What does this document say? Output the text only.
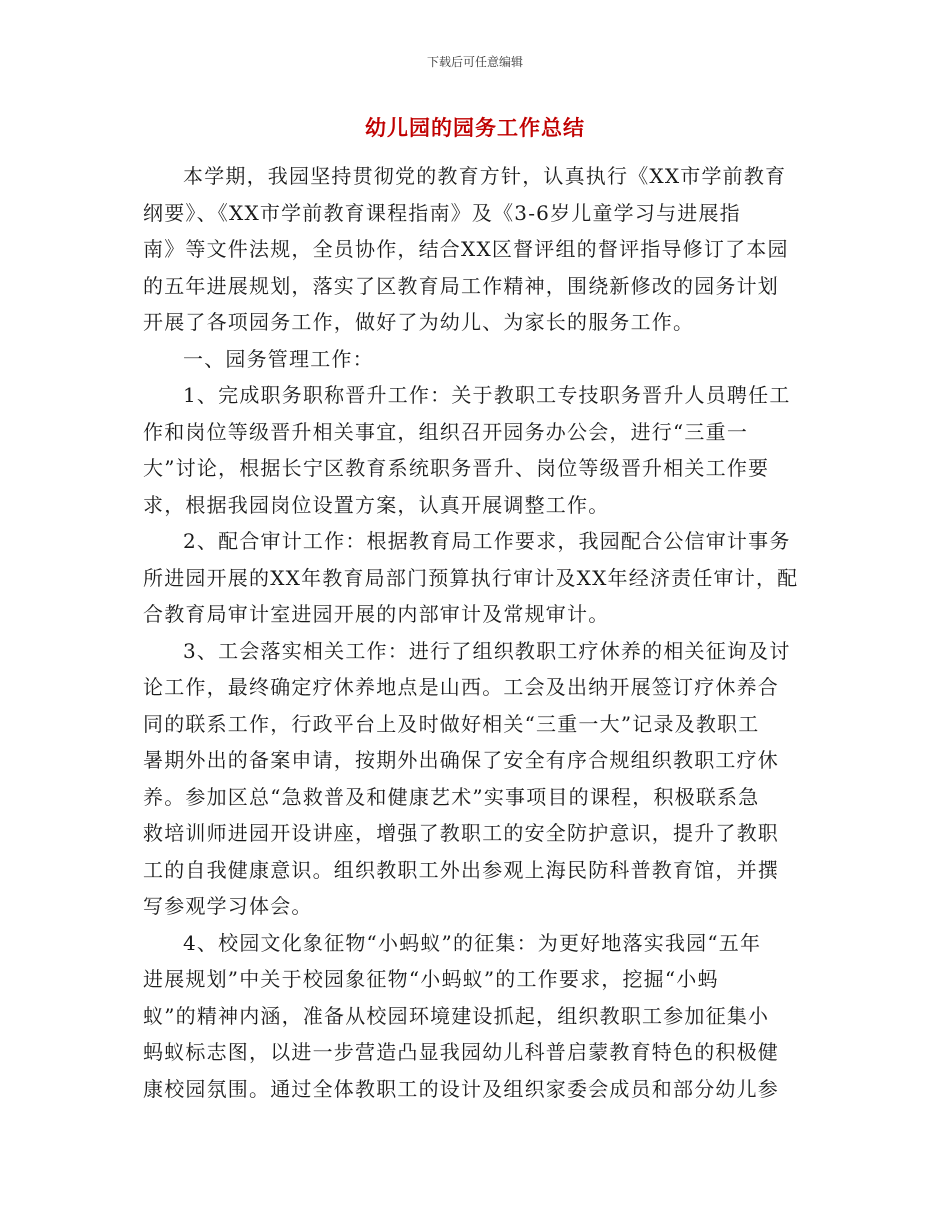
下载后可任意编辑
幼儿园的园务工作总结
本学期，我园坚持贯彻党的教育方针，认真执行《XX市学前教育
纲要》、《XX市学前教育课程指南》及《3-6岁儿童学习与进展指
南》等文件法规，全员协作，结合XX区督评组的督评指导修订了本园
的五年进展规划，落实了区教育局工作精神，围绕新修改的园务计划
开展了各项园务工作，做好了为幼儿、为家长的服务工作。
一、园务管理工作：
1、完成职务职称晋升工作：关于教职工专技职务晋升人员聘任工
作和岗位等级晋升相关事宜，组织召开园务办公会，进行“三重一
大”讨论，根据长宁区教育系统职务晋升、岗位等级晋升相关工作要
求，根据我园岗位设置方案，认真开展调整工作。
2、配合审计工作：根据教育局工作要求，我园配合公信审计事务
所进园开展的XX年教育局部门预算执行审计及XX年经济责任审计，配
合教育局审计室进园开展的内部审计及常规审计。
3、工会落实相关工作：进行了组织教职工疗休养的相关征询及讨
论工作，最终确定疗休养地点是山西。工会及出纳开展签订疗休养合
同的联系工作，行政平台上及时做好相关“三重一大”记录及教职工
暑期外出的备案申请，按期外出确保了安全有序合规组织教职工疗休
养。参加区总“急救普及和健康艺术”实事项目的课程，积极联系急
救培训师进园开设讲座，增强了教职工的安全防护意识，提升了教职
工的自我健康意识。组织教职工外出参观上海民防科普教育馆，并撰
写参观学习体会。
4、校园文化象征物“小蚂蚁”的征集：为更好地落实我园“五年
进展规划”中关于校园象征物“小蚂蚁”的工作要求，挖掘“小蚂
蚁”的精神内涵，准备从校园环境建设抓起，组织教职工参加征集小
蚂蚁标志图，以进一步营造凸显我园幼儿科普启蒙教育特色的积极健
康校园氛围。通过全体教职工的设计及组织家委会成员和部分幼儿参
